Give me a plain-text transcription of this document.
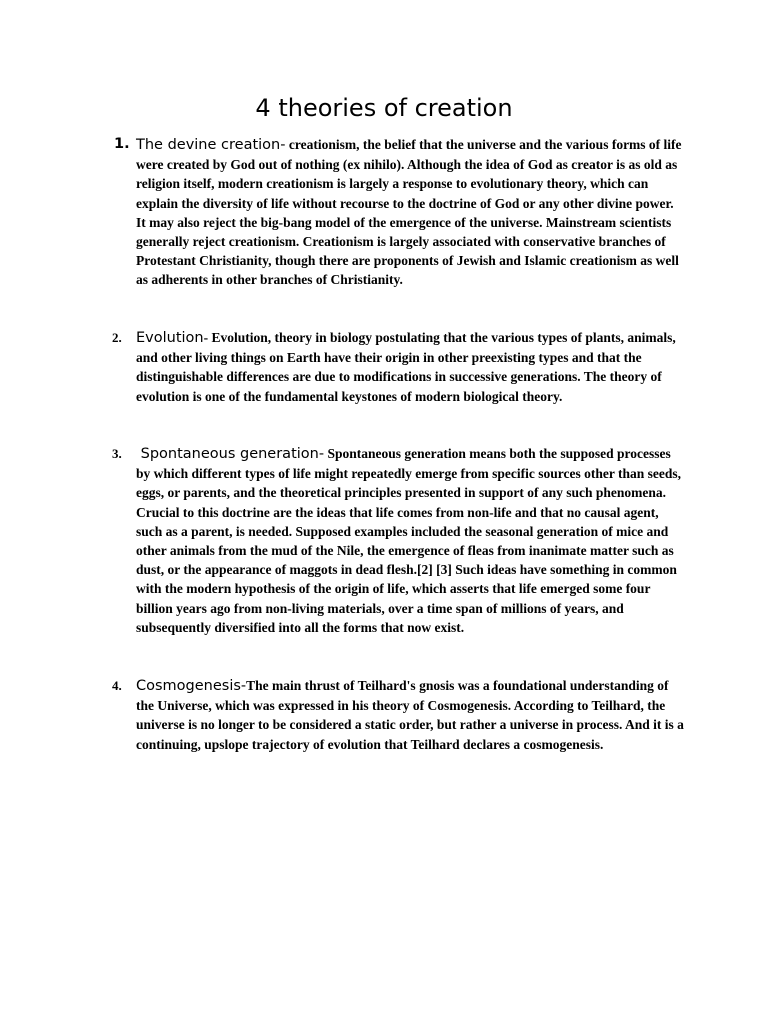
4 theories of creation
1. The devine creation- creationism, the belief that the universe and the various forms of life were created by God out of nothing (ex nihilo). Although the idea of God as creator is as old as religion itself, modern creationism is largely a response to evolutionary theory, which can explain the diversity of life without recourse to the doctrine of God or any other divine power. It may also reject the big-bang model of the emergence of the universe. Mainstream scientists generally reject creationism. Creationism is largely associated with conservative branches of Protestant Christianity, though there are proponents of Jewish and Islamic creationism as well as adherents in other branches of Christianity.
2. Evolution- Evolution, theory in biology postulating that the various types of plants, animals, and other living things on Earth have their origin in other preexisting types and that the distinguishable differences are due to modifications in successive generations. The theory of evolution is one of the fundamental keystones of modern biological theory.
3. Spontaneous generation- Spontaneous generation means both the supposed processes by which different types of life might repeatedly emerge from specific sources other than seeds, eggs, or parents, and the theoretical principles presented in support of any such phenomena. Crucial to this doctrine are the ideas that life comes from non-life and that no causal agent, such as a parent, is needed. Supposed examples included the seasonal generation of mice and other animals from the mud of the Nile, the emergence of fleas from inanimate matter such as dust, or the appearance of maggots in dead flesh.[2] [3] Such ideas have something in common with the modern hypothesis of the origin of life, which asserts that life emerged some four billion years ago from non-living materials, over a time span of millions of years, and subsequently diversified into all the forms that now exist.
4. Cosmogenesis-The main thrust of Teilhard's gnosis was a foundational understanding of the Universe, which was expressed in his theory of Cosmogenesis. According to Teilhard, the universe is no longer to be considered a static order, but rather a universe in process. And it is a continuing, upslope trajectory of evolution that Teilhard declares a cosmogenesis.
